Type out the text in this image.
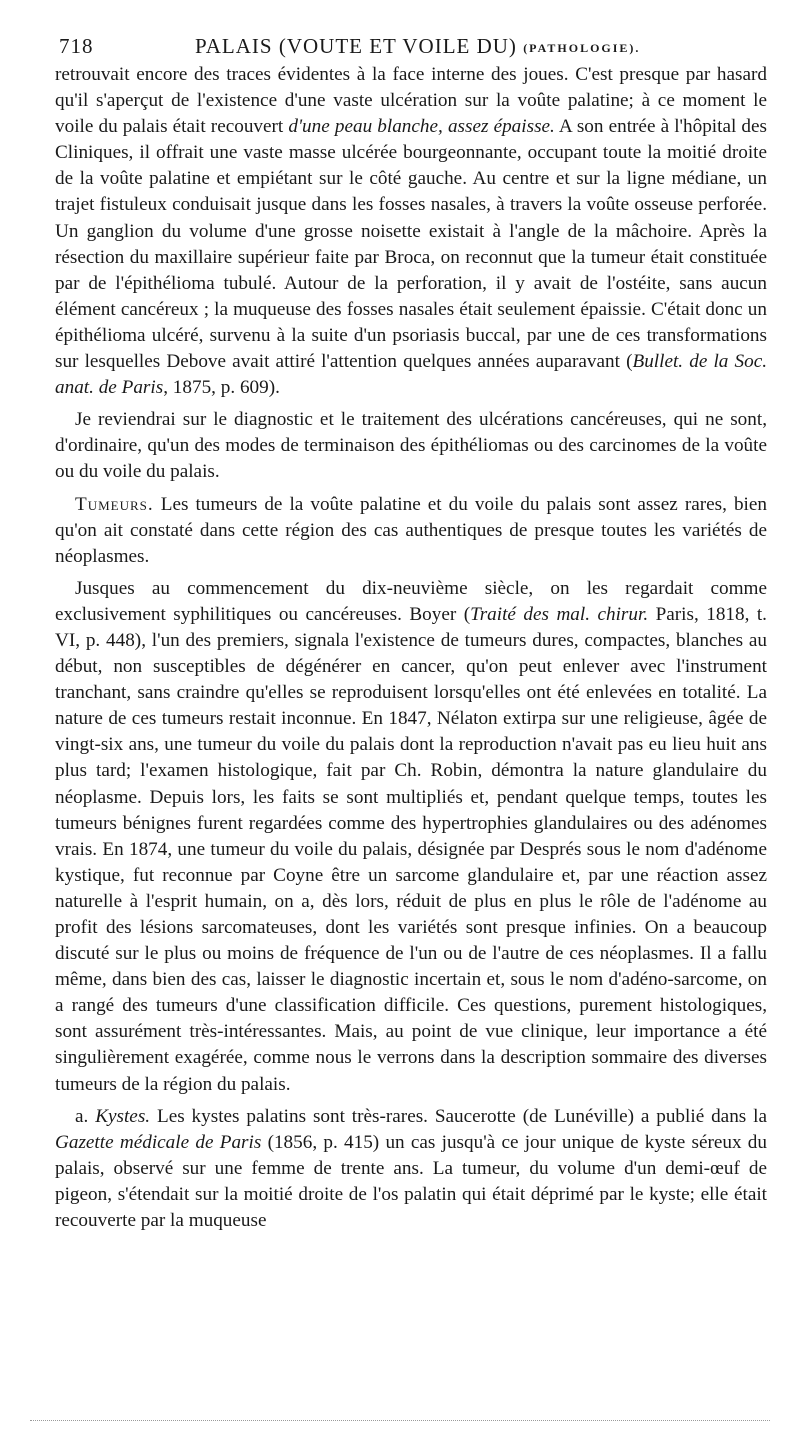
718	PALAIS (VOUTE ET VOILE DU) (PATHOLOGIE).

retrouvait encore des traces évidentes à la face interne des joues. C'est presque par hasard qu'il s'aperçut de l'existence d'une vaste ulcération sur la voûte palatine; à ce moment le voile du palais était recouvert d'une peau blanche, assez épaisse. A son entrée à l'hôpital des Cliniques, il offrait une vaste masse ulcérée bourgeonnante, occupant toute la moitié droite de la voûte palatine et empiétant sur le côté gauche. Au centre et sur la ligne médiane, un trajet fistuleux conduisait jusque dans les fosses nasales, à travers la voûte osseuse perforée. Un ganglion du volume d'une grosse noisette existait à l'angle de la mâchoire. Après la résection du maxillaire supérieur faite par Broca, on reconnut que la tumeur était constituée par de l'épithélioma tubulé. Autour de la perforation, il y avait de l'ostéite, sans aucun élément cancéreux ; la muqueuse des fosses nasales était seulement épaissie. C'était donc un épithélioma ulcéré, survenu à la suite d'un psoriasis buccal, par une de ces transformations sur lesquelles Debove avait attiré l'attention quelques années auparavant (Bullet. de la Soc. anat. de Paris, 1875, p. 609).

Je reviendrai sur le diagnostic et le traitement des ulcérations cancéreuses, qui ne sont, d'ordinaire, qu'un des modes de terminaison des épithéliomas ou des carcinomes de la voûte ou du voile du palais.

Tumeurs. Les tumeurs de la voûte palatine et du voile du palais sont assez rares, bien qu'on ait constaté dans cette région des cas authentiques de presque toutes les variétés de néoplasmes.

Jusques au commencement du dix-neuvième siècle, on les regardait comme exclusivement syphilitiques ou cancéreuses. Boyer (Traité des mal. chirur. Paris, 1818, t. VI, p. 448), l'un des premiers, signala l'existence de tumeurs dures, compactes, blanches au début, non susceptibles de dégénérer en cancer, qu'on peut enlever avec l'instrument tranchant, sans craindre qu'elles se reproduisent lorsqu'elles ont été enlevées en totalité. La nature de ces tumeurs restait inconnue. En 1847, Nélaton extirpa sur une religieuse, âgée de vingt-six ans, une tumeur du voile du palais dont la reproduction n'avait pas eu lieu huit ans plus tard; l'examen histologique, fait par Ch. Robin, démontra la nature glandulaire du néoplasme. Depuis lors, les faits se sont multipliés et, pendant quelque temps, toutes les tumeurs bénignes furent regardées comme des hypertrophies glandulaires ou des adénomes vrais. En 1874, une tumeur du voile du palais, désignée par Després sous le nom d'adénome kystique, fut reconnue par Coyne être un sarcome glandulaire et, par une réaction assez naturelle à l'esprit humain, on a, dès lors, réduit de plus en plus le rôle de l'adénome au profit des lésions sarcomateuses, dont les variétés sont presque infinies. On a beaucoup discuté sur le plus ou moins de fréquence de l'un ou de l'autre de ces néoplasmes. Il a fallu même, dans bien des cas, laisser le diagnostic incertain et, sous le nom d'adéno-sarcome, on a rangé des tumeurs d'une classification difficile. Ces questions, purement histologiques, sont assurément très-intéressantes. Mais, au point de vue clinique, leur importance a été singulièrement exagérée, comme nous le verrons dans la description sommaire des diverses tumeurs de la région du palais.

a. Kystes. Les kystes palatins sont très-rares. Saucerotte (de Lunéville) a publié dans la Gazette médicale de Paris (1856, p. 415) un cas jusqu'à ce jour unique de kyste séreux du palais, observé sur une femme de trente ans. La tumeur, du volume d'un demi-œuf de pigeon, s'étendait sur la moitié droite de l'os palatin qui était déprimé par le kyste; elle était recouverte par la muqueuse
